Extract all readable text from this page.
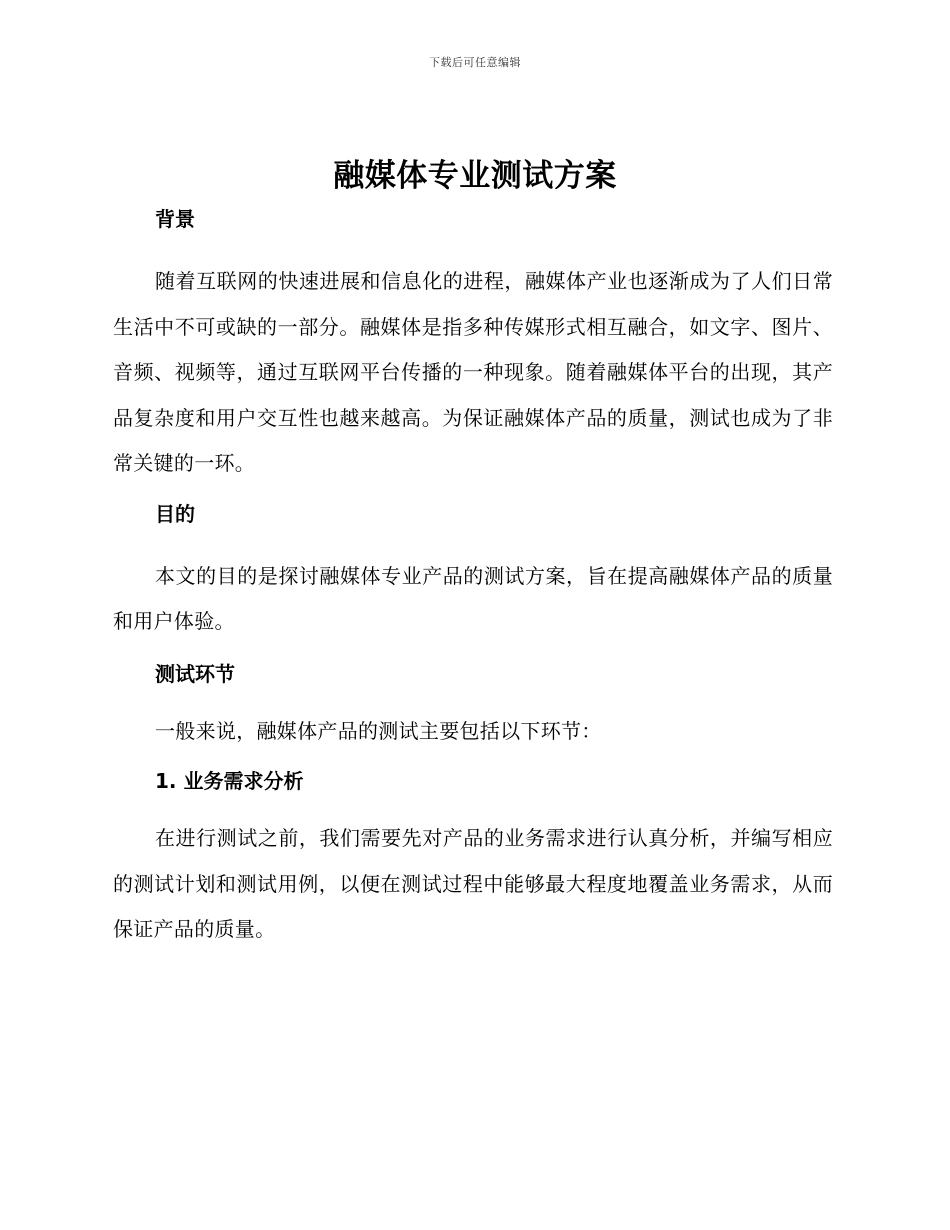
下载后可任意编辑
融媒体专业测试方案

背景

随着互联网的快速进展和信息化的进程，融媒体产业也逐渐成为了人们日常生活中不可或缺的一部分。融媒体是指多种传媒形式相互融合，如文字、图片、音频、视频等，通过互联网平台传播的一种现象。随着融媒体平台的出现，其产品复杂度和用户交互性也越来越高。为保证融媒体产品的质量，测试也成为了非常关键的一环。

目的

本文的目的是探讨融媒体专业产品的测试方案，旨在提高融媒体产品的质量和用户体验。

测试环节

一般来说，融媒体产品的测试主要包括以下环节：

1. 业务需求分析

在进行测试之前，我们需要先对产品的业务需求进行认真分析，并编写相应的测试计划和测试用例，以便在测试过程中能够最大程度地覆盖业务需求，从而保证产品的质量。
